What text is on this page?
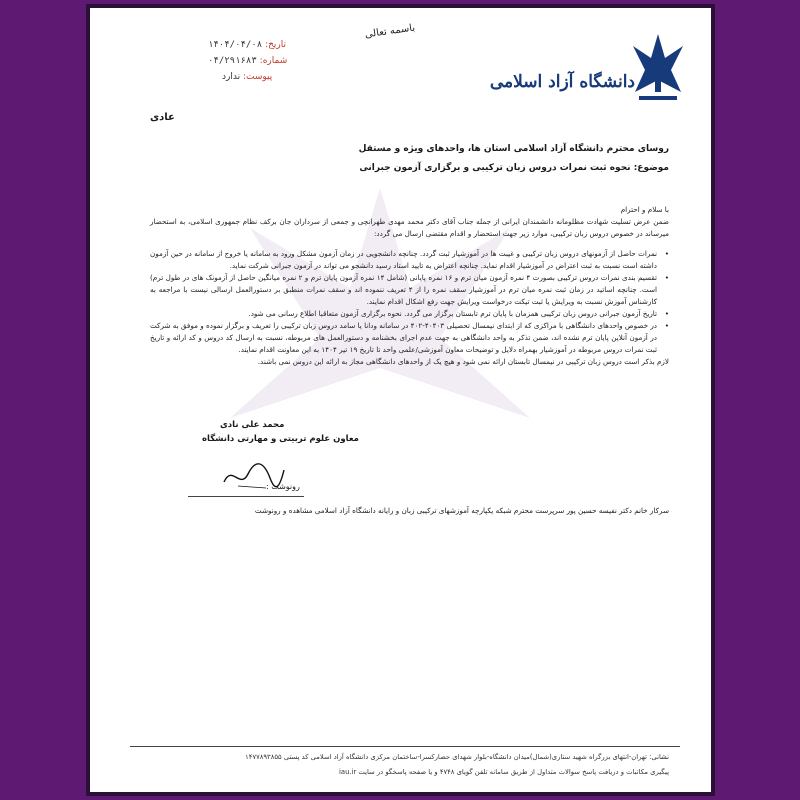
تاریخ: ۱۴۰۴/۰۴/۰۸
شماره: ۰۴/۲۹۱۶۸۳
پیوست: ندارد
باسمه تعالی
دانشگاه آزاد اسلامی
عادی
روسای محترم دانشگاه آزاد اسلامی استان ها، واحدهای ویژه و مستقل
موضوع: نحوه ثبت نمرات دروس زبان ترکیبی و برگزاری آزمون جبرانی

با سلام و احترام

ضمن عرض تسلیت شهادت مظلومانه دانشمندان ایرانی از جمله جناب آقای دکتر محمد مهدی طهرانچی و جمعی از سرداران جان برکف نظام جمهوری اسلامی، به استحضار میرساند در خصوص دروس زبان ترکیبی، موارد زیر جهت استحضار و اقدام مقتضی ارسال می گردد:

• نمرات حاصل از آزمونهای دروس زبان ترکیبی و غیبت ها در آموزشیار ثبت گردد. چنانچه دانشجویی در زمان آزمون مشکل ورود به سامانه یا خروج از سامانه در حین آزمون داشته است نسبت به ثبت اعتراض در آموزشیار اقدام نماید. چنانچه اعتراض به تایید استاد رسید دانشجو می تواند در آزمون جبرانی شرکت نماید.

• تقسیم بندی نمرات دروس ترکیبی بصورت ۴ نمره آزمون میان ترم و ۱۶ نمره پایانی (شامل ۱۴ نمره آزمون پایان ترم و ۲ نمره میانگین حاصل از آزمونک های در طول ترم) است. چنانچه اساتید در زمان ثبت نمره میان ترم در آموزشیار سقف نمره را از ۴ تعریف ننموده اند و سقف نمرات منطبق بر دستورالعمل ارسالی نیست با مراجعه به کارشناس آموزش نسبت به ویرایش یا ثبت تیکت درخواست ویرایش جهت رفع اشکال اقدام نمایند.

• تاریخ آزمون جبرانی دروس زبان ترکیبی همزمان با پایان ترم تابستان برگزار می گردد. نحوه برگزاری آزمون متعاقبا اطلاع رسانی می شود.

• در خصوص واحدهای دانشگاهی با مراکزی که از ابتدای نیمسال تحصیلی ۴۰۴۰۳-۴۰۲ در سامانه ودانا یا سامد دروس زبان ترکیبی را تعریف و برگزار نموده و موفق به شرکت در آزمون آنلاین پایان ترم نشده اند، ضمن تذکر به واحد دانشگاهی به جهت عدم اجرای بخشنامه و دستورالعمل های مربوطه، نسبت به ارسال کد دروس و کد ارائه و تاریخ ثبت نمرات دروس مربوطه در آموزشیار بهمراه دلایل و توضیحات معاون آموزشی/علمی واحد تا تاریخ ۱۹ تیر ۱۴۰۴ به این معاونت اقدام نمایند.

لازم بذکر است دروس زبان ترکیبی در نیمسال تابستان ارائه نمی شود و هیچ یک از واحدهای دانشگاهی مجاز به ارائه این دروس نمی باشند.

محمد علی نادی
معاون علوم تربیتی و مهارتی دانشگاه
رونوشت :
سرکار خانم دکتر نفیسه حسین پور سرپرست محترم شبکه یکپارچه آموزشهای ترکیبی زبان و رایانه دانشگاه آزاد اسلامی مشاهده و رونوشت
نشانی: تهران-انتهای بزرگراه شهید ستاری(شمال)میدان دانشگاه-بلوار شهدای حصارکسرا-ساختمان مرکزی دانشگاه آزاد اسلامی کد پستی ۱۴۷۷۸۹۳۸۵۵
پیگیری مکاتبات و دریافت پاسخ سوالات متداول از طریق سامانه تلفن گویای ۴۷۴۸ و یا صفحه پاسخگو در سایت iau.ir
